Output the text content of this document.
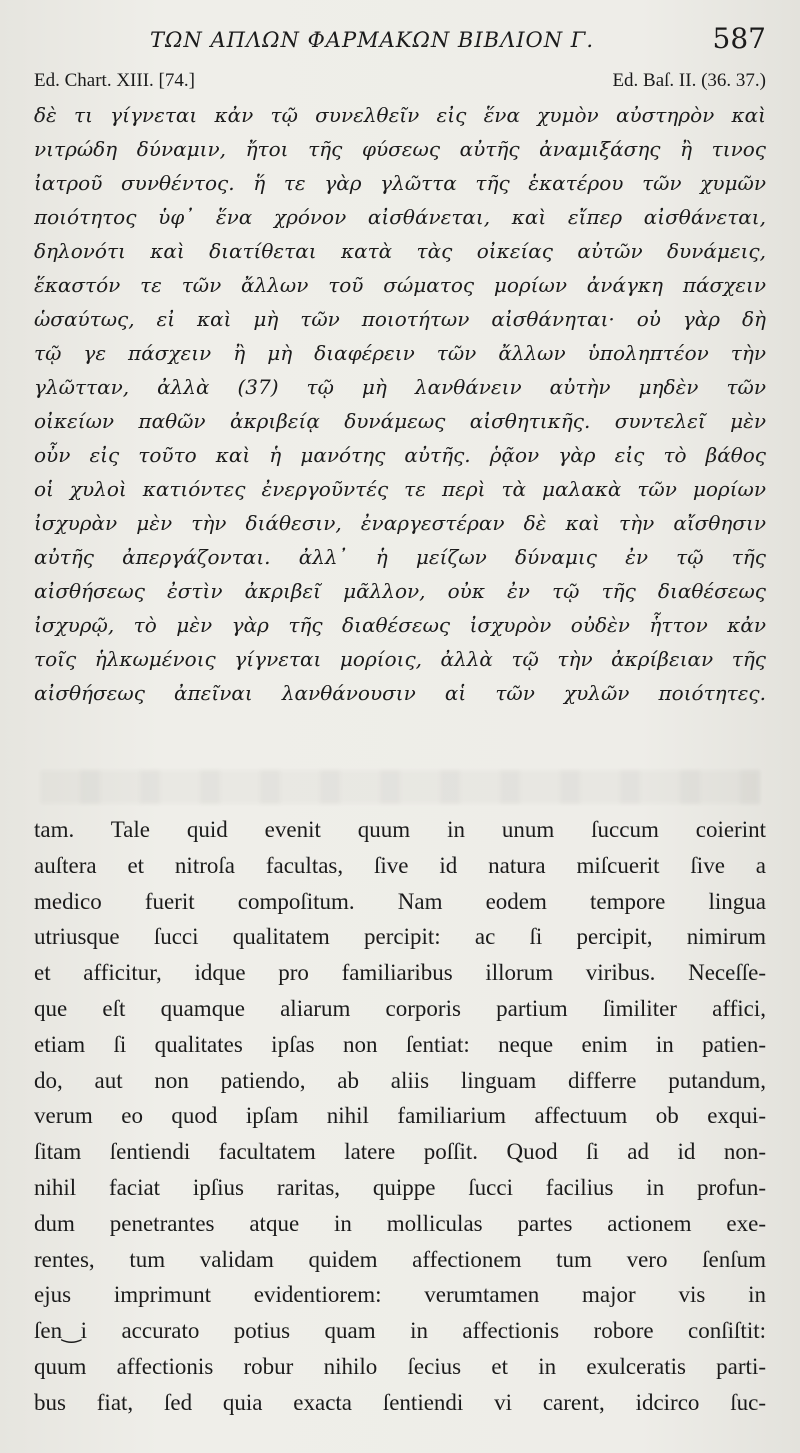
ΤΩΝ ΑΠΛΩΝ ΦΑΡΜΑΚΩΝ ΒΙΒΛΙΟΝ Γ.	587
Ed. Chart. XIII. [74.]	Ed. Baſ. II. (36. 37.)
δὲ τι γίγνεται κἀν τῷ συνελθεῖν εἰς ἕνα χυμὸν αὐστηρὸν καὶ
νιτρώδη δύναμιν, ἤτοι τῆς φύσεως αὐτῆς ἀναμιξάσης ἢ τινος
ἰατροῦ συνθέντος. ἥ τε γὰρ γλῶττα τῆς ἑκατέρου τῶν χυμῶν
ποιότητος ὑφ᾽ ἕνα χρόνον αἰσθάνεται, καὶ εἴπερ αἰσθάνεται,
δηλονότι καὶ διατίθεται κατὰ τὰς οἰκείας αὐτῶν δυνάμεις,
ἕκαστόν τε τῶν ἄλλων τοῦ σώματος μορίων ἀνάγκη πάσχειν
ὡσαύτως, εἰ καὶ μὴ τῶν ποιοτήτων αἰσθάνηται· οὐ γὰρ δὴ
τῷ γε πάσχειν ἢ μὴ διαφέρειν τῶν ἄλλων ὑποληπτέον τὴν
γλῶτταν, ἀλλὰ (37) τῷ μὴ λανθάνειν αὐτὴν μηδὲν τῶν
οἰκείων παθῶν ἀκριβείᾳ δυνάμεως αἰσθητικῆς. συντελεῖ μὲν
οὖν εἰς τοῦτο καὶ ἡ μανότης αὐτῆς. ῥᾷον γὰρ εἰς τὸ βάθος
οἱ χυλοὶ κατιόντες ἐνεργοῦντές τε περὶ τὰ μαλακὰ τῶν μορίων
ἰσχυρὰν μὲν τὴν διάθεσιν, ἐναργεστέραν δὲ καὶ τὴν αἴσθησιν
αὐτῆς ἀπεργάζονται. ἀλλ᾽ ἡ μείζων δύναμις ἐν τῷ τῆς
αἰσθήσεως ἐστὶν ἀκριβεῖ μᾶλλον, οὐκ ἐν τῷ τῆς διαθέσεως
ἰσχυρῷ, τὸ μὲν γὰρ τῆς διαθέσεως ἰσχυρὸν οὐδὲν ἧττον κἀν
τοῖς ἡλκωμένοις γίγνεται μορίοις, ἀλλὰ τῷ τὴν ἀκρίβειαν τῆς
αἰσθήσεως ἀπεῖναι λανθάνουσιν αἱ τῶν χυλῶν ποιότητες.
tam. Tale quid evenit quum in unum ſuccum coierint
auſtera et nitroſa facultas, ſive id natura miſcuerit ſive a
medico fuerit compoſitum. Nam eodem tempore lingua
utriusque ſucci qualitatem percipit: ac ſi percipit, nimirum
et afficitur, idque pro familiaribus illorum viribus. Neceſſe-
que eſt quamque aliarum corporis partium ſimiliter affici,
etiam ſi qualitates ipſas non ſentiat: neque enim in patien-
do, aut non patiendo, ab aliis linguam differre putandum,
verum eo quod ipſam nihil familiarium affectuum ob exqui-
ſitam ſentiendi facultatem latere poſſit. Quod ſi ad id non-
nihil faciat ipſius raritas, quippe ſucci facilius in profun-
dum penetrantes atque in molliculas partes actionem exe-
rentes, tum validam quidem affectionem tum vero ſenſum
ejus imprimunt evidentiorem: verumtamen major vis in
ſen‿i accurato potius quam in affectionis robore conſiſtit:
quum affectionis robur nihilo ſecius et in exulceratis parti-
bus fiat, ſed quia exacta ſentiendi vi carent, idcirco ſuc-
